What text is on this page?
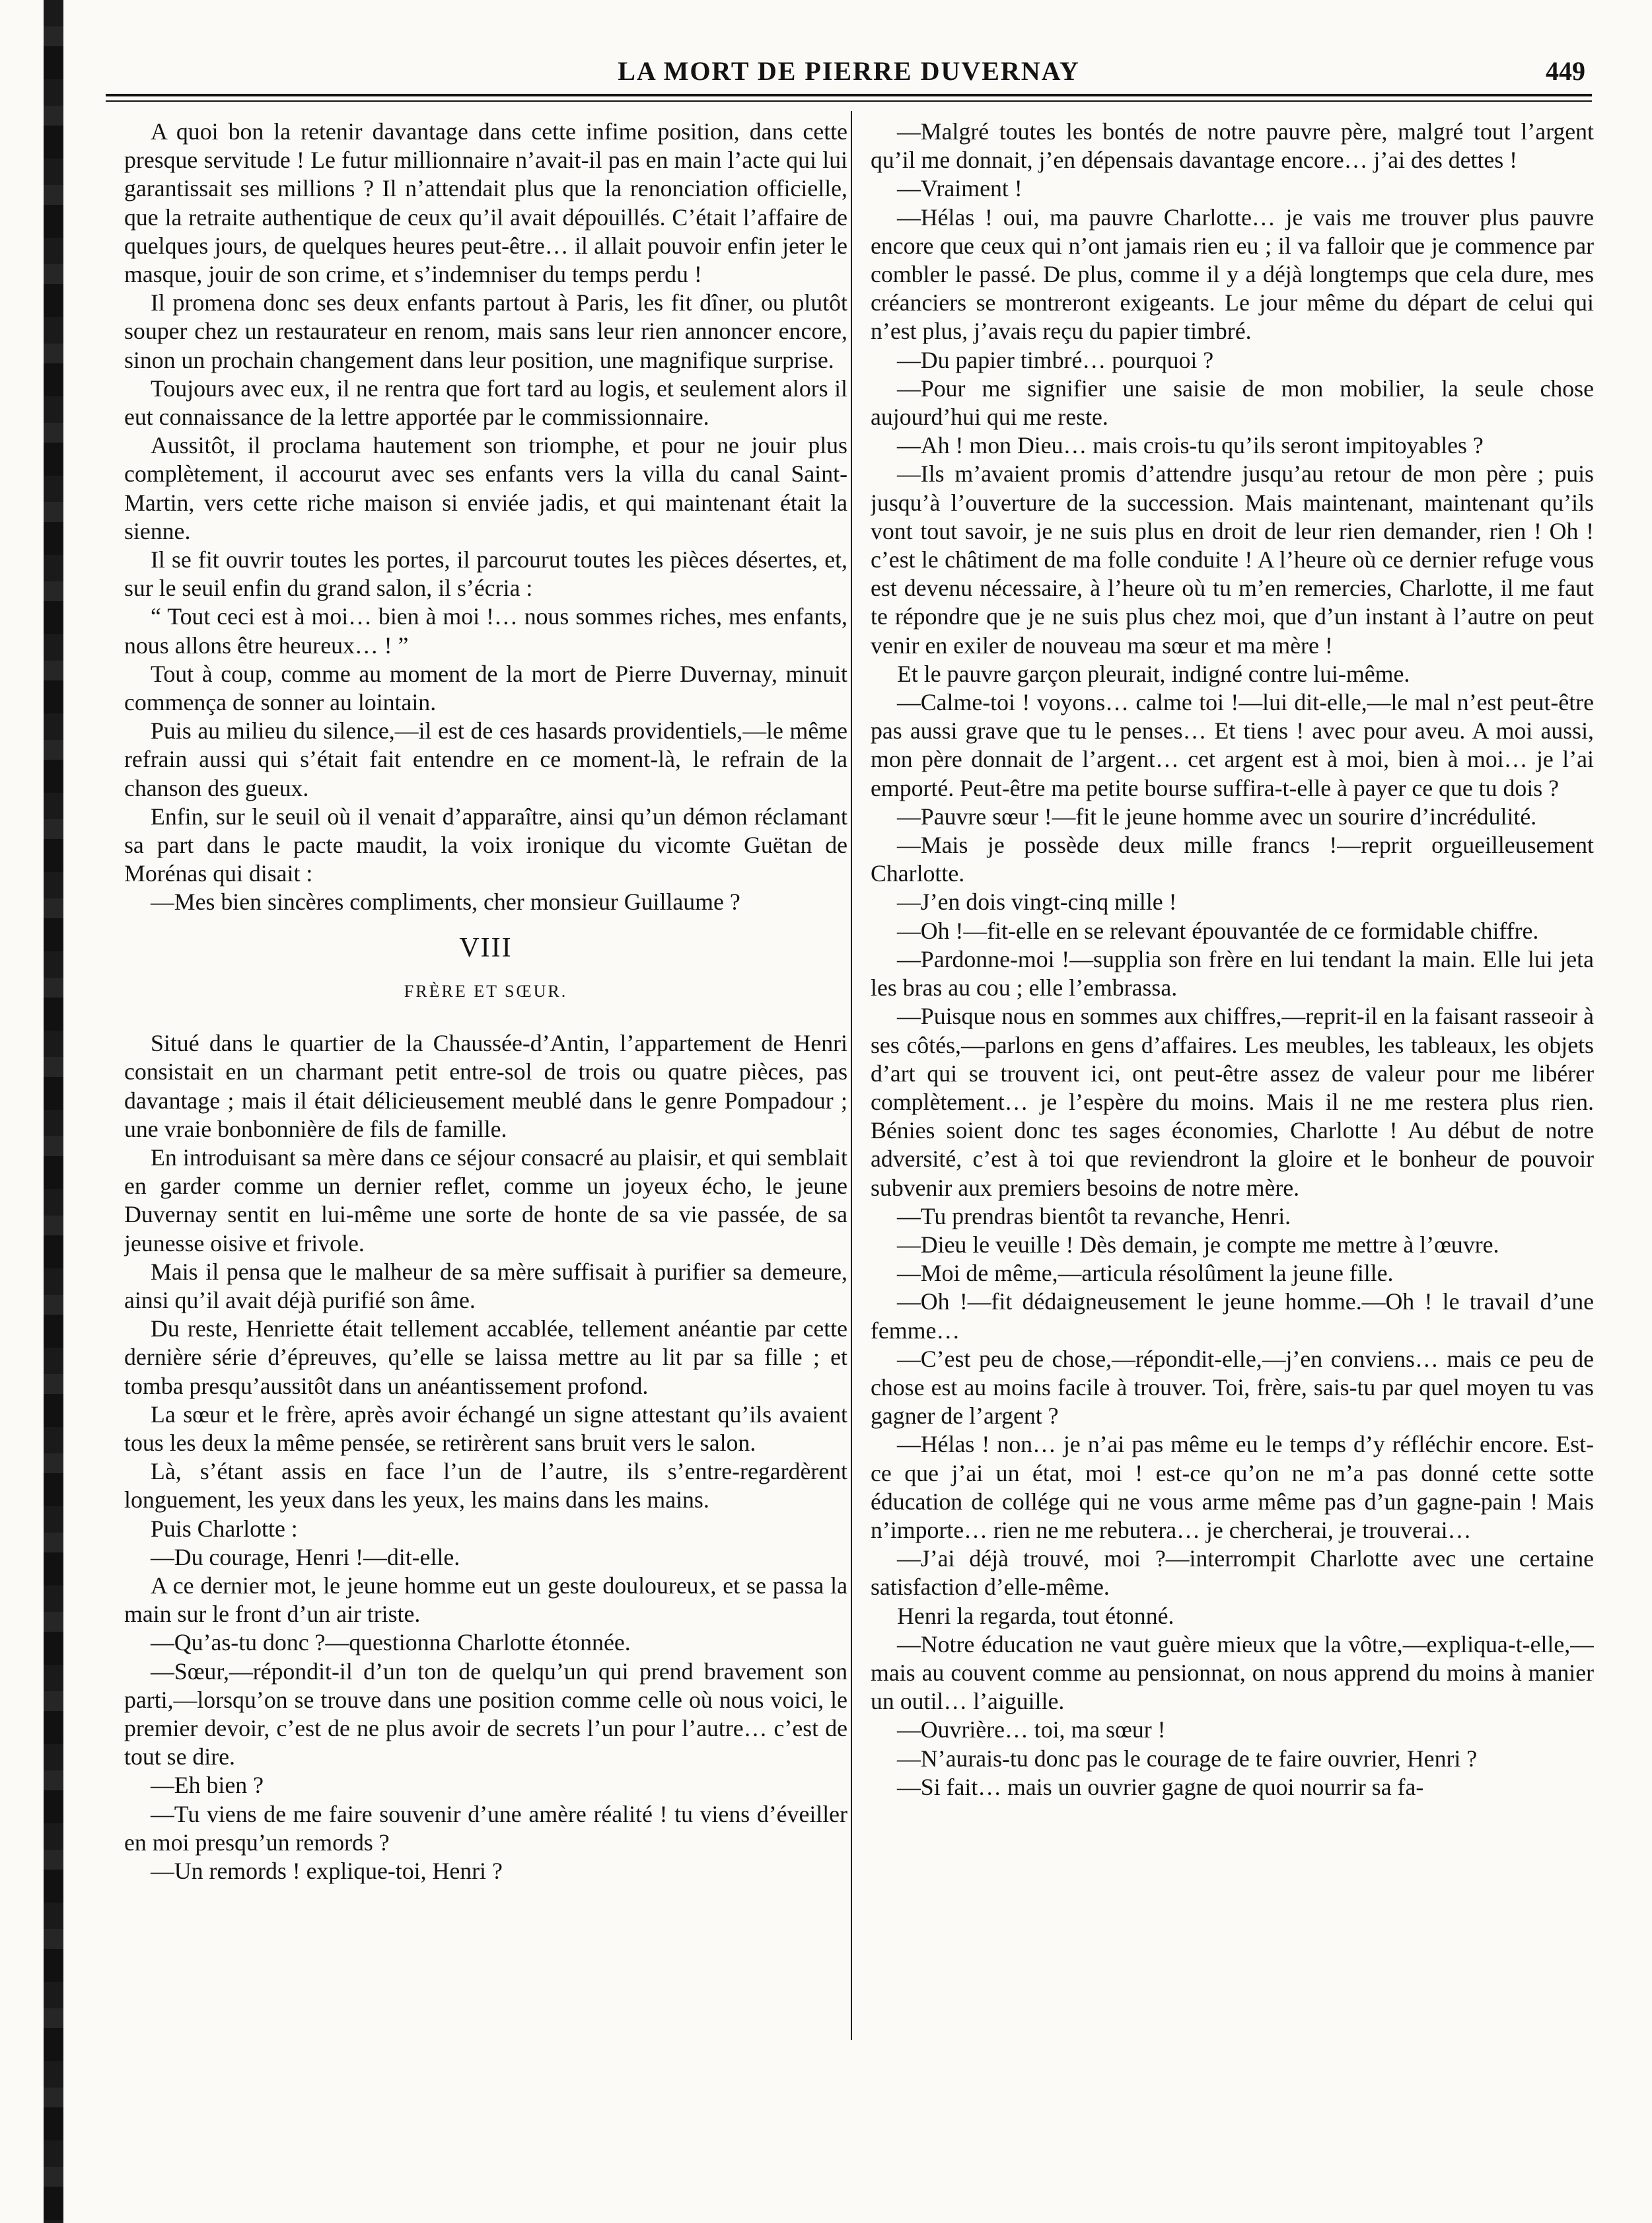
LA MORT DE PIERRE DUVERNAY	449

A quoi bon la retenir davantage dans cette infime position, dans cette presque servitude ! Le futur millionnaire n’avait-il pas en main l’acte qui lui garantissait ses millions ? Il n’attendait plus que la renonciation officielle, que la retraite authentique de ceux qu’il avait dépouillés. C’était l’affaire de quelques jours, de quelques heures peut-être… il allait pouvoir enfin jeter le masque, jouir de son crime, et s’indemniser du temps perdu !

Il promena donc ses deux enfants partout à Paris, les fit dîner, ou plutôt souper chez un restaurateur en renom, mais sans leur rien annoncer encore, sinon un prochain changement dans leur position, une magnifique surprise.

Toujours avec eux, il ne rentra que fort tard au logis, et seulement alors il eut connaissance de la lettre apportée par le commissionnaire.

Aussitôt, il proclama hautement son triomphe, et pour ne jouir plus complètement, il accourut avec ses enfants vers la villa du canal Saint-Martin, vers cette riche maison si enviée jadis, et qui maintenant était la sienne.

Il se fit ouvrir toutes les portes, il parcourut toutes les pièces désertes, et, sur le seuil enfin du grand salon, il s’écria :

“ Tout ceci est à moi… bien à moi !… nous sommes riches, mes enfants, nous allons être heureux… ! ”

Tout à coup, comme au moment de la mort de Pierre Duvernay, minuit commença de sonner au lointain.

Puis au milieu du silence,—il est de ces hasards providentiels,—le même refrain aussi qui s’était fait entendre en ce moment-là, le refrain de la chanson des gueux.

Enfin, sur le seuil où il venait d’apparaître, ainsi qu’un démon réclamant sa part dans le pacte maudit, la voix ironique du vicomte Guëtan de Morénas qui disait :

—Mes bien sincères compliments, cher monsieur Guillaume ?

VIII
FRÈRE ET SŒUR.

Situé dans le quartier de la Chaussée-d’Antin, l’appartement de Henri consistait en un charmant petit entre-sol de trois ou quatre pièces, pas davantage ; mais il était délicieusement meublé dans le genre Pompadour ; une vraie bonbonnière de fils de famille.

En introduisant sa mère dans ce séjour consacré au plaisir, et qui semblait en garder comme un dernier reflet, comme un joyeux écho, le jeune Duvernay sentit en lui-même une sorte de honte de sa vie passée, de sa jeunesse oisive et frivole.

Mais il pensa que le malheur de sa mère suffisait à purifier sa demeure, ainsi qu’il avait déjà purifié son âme.

Du reste, Henriette était tellement accablée, tellement anéantie par cette dernière série d’épreuves, qu’elle se laissa mettre au lit par sa fille ; et tomba presqu’aussitôt dans un anéantissement profond.

La sœur et le frère, après avoir échangé un signe attestant qu’ils avaient tous les deux la même pensée, se retirèrent sans bruit vers le salon.

Là, s’étant assis en face l’un de l’autre, ils s’entre-regardèrent longuement, les yeux dans les yeux, les mains dans les mains.

Puis Charlotte :

—Du courage, Henri !—dit-elle.

A ce dernier mot, le jeune homme eut un geste douloureux, et se passa la main sur le front d’un air triste.

—Qu’as-tu donc ?—questionna Charlotte étonnée.

—Sœur,—répondit-il d’un ton de quelqu’un qui prend bravement son parti,—lorsqu’on se trouve dans une position comme celle où nous voici, le premier devoir, c’est de ne plus avoir de secrets l’un pour l’autre… c’est de tout se dire.

—Eh bien ?

—Tu viens de me faire souvenir d’une amère réalité ! tu viens d’éveiller en moi presqu’un remords ?

—Un remords ! explique-toi, Henri ?

—Malgré toutes les bontés de notre pauvre père, malgré tout l’argent qu’il me donnait, j’en dépensais davantage encore… j’ai des dettes !

—Vraiment !

—Hélas ! oui, ma pauvre Charlotte… je vais me trouver plus pauvre encore que ceux qui n’ont jamais rien eu ; il va falloir que je commence par combler le passé. De plus, comme il y a déjà longtemps que cela dure, mes créanciers se montreront exigeants. Le jour même du départ de celui qui n’est plus, j’avais reçu du papier timbré.

—Du papier timbré… pourquoi ?

—Pour me signifier une saisie de mon mobilier, la seule chose aujourd’hui qui me reste.

—Ah ! mon Dieu… mais crois-tu qu’ils seront impitoyables ?

—Ils m’avaient promis d’attendre jusqu’au retour de mon père ; puis jusqu’à l’ouverture de la succession. Mais maintenant, maintenant qu’ils vont tout savoir, je ne suis plus en droit de leur rien demander, rien ! Oh ! c’est le châtiment de ma folle conduite ! A l’heure où ce dernier refuge vous est devenu nécessaire, à l’heure où tu m’en remercies, Charlotte, il me faut te répondre que je ne suis plus chez moi, que d’un instant à l’autre on peut venir en exiler de nouveau ma sœur et ma mère !

Et le pauvre garçon pleurait, indigné contre lui-même.

—Calme-toi ! voyons… calme toi !—lui dit-elle,—le mal n’est peut-être pas aussi grave que tu le penses… Et tiens ! avec pour aveu. A moi aussi, mon père donnait de l’argent… cet argent est à moi, bien à moi… je l’ai emporté. Peut-être ma petite bourse suffira-t-elle à payer ce que tu dois ?

—Pauvre sœur !—fit le jeune homme avec un sourire d’incrédulité.

—Mais je possède deux mille francs !—reprit orgueilleusement Charlotte.

—J’en dois vingt-cinq mille !

—Oh !—fit-elle en se relevant épouvantée de ce formidable chiffre.

—Pardonne-moi !—supplia son frère en lui tendant la main. Elle lui jeta les bras au cou ; elle l’embrassa.

—Puisque nous en sommes aux chiffres,—reprit-il en la faisant rasseoir à ses côtés,—parlons en gens d’affaires. Les meubles, les tableaux, les objets d’art qui se trouvent ici, ont peut-être assez de valeur pour me libérer complètement… je l’espère du moins. Mais il ne me restera plus rien. Bénies soient donc tes sages économies, Charlotte ! Au début de notre adversité, c’est à toi que reviendront la gloire et le bonheur de pouvoir subvenir aux premiers besoins de notre mère.

—Tu prendras bientôt ta revanche, Henri.

—Dieu le veuille ! Dès demain, je compte me mettre à l’œuvre.

—Moi de même,—articula résolûment la jeune fille.

—Oh !—fit dédaigneusement le jeune homme.—Oh ! le travail d’une femme…

—C’est peu de chose,—répondit-elle,—j’en conviens… mais ce peu de chose est au moins facile à trouver. Toi, frère, sais-tu par quel moyen tu vas gagner de l’argent ?

—Hélas ! non… je n’ai pas même eu le temps d’y réfléchir encore. Est-ce que j’ai un état, moi ! est-ce qu’on ne m’a pas donné cette sotte éducation de collége qui ne vous arme même pas d’un gagne-pain ! Mais n’importe… rien ne me rebutera… je chercherai, je trouverai…

—J’ai déjà trouvé, moi ?—interrompit Charlotte avec une certaine satisfaction d’elle-même.

Henri la regarda, tout étonné.

—Notre éducation ne vaut guère mieux que la vôtre,—expliqua-t-elle,—mais au couvent comme au pensionnat, on nous apprend du moins à manier un outil… l’aiguille.

—Ouvrière… toi, ma sœur !

—N’aurais-tu donc pas le courage de te faire ouvrier, Henri ?

—Si fait… mais un ouvrier gagne de quoi nourrir sa fa-
